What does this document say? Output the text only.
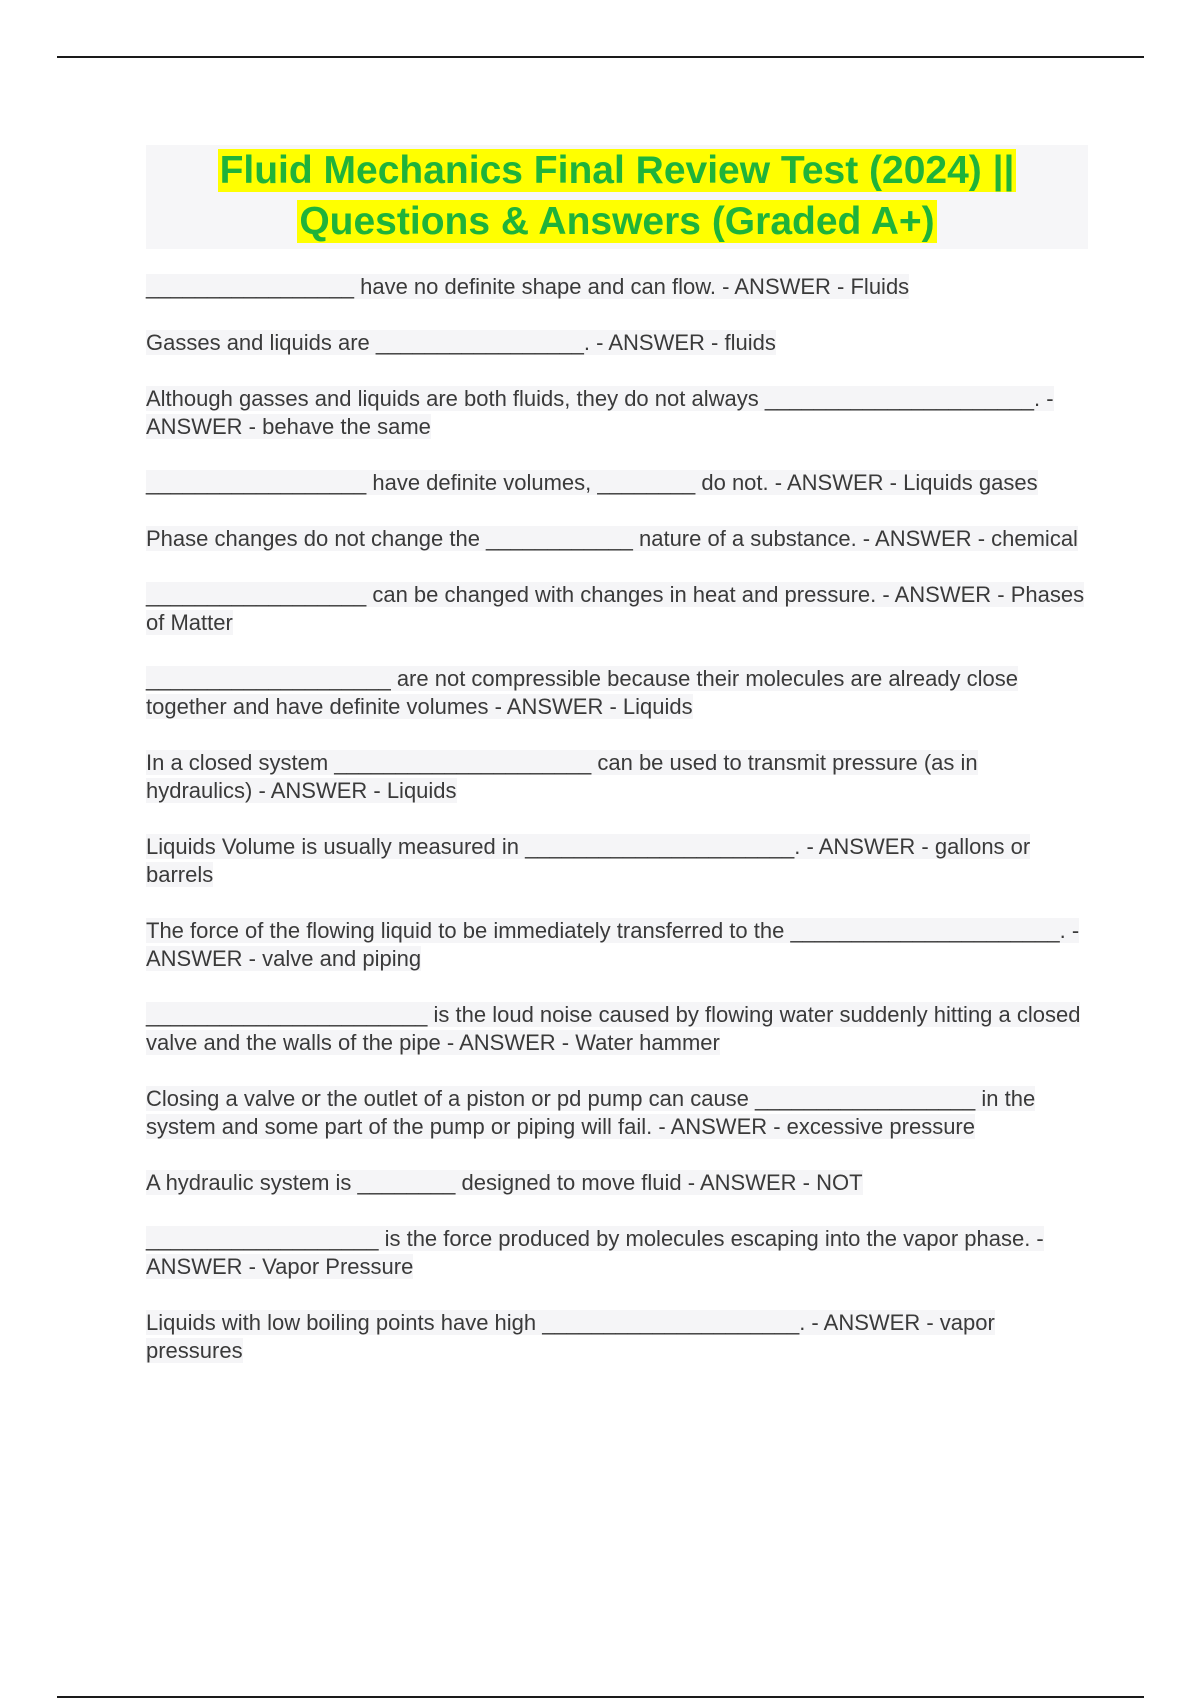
Fluid Mechanics Final Review Test (2024) ||
Questions & Answers (Graded A+)
_________________ have no definite shape and can flow. - ANSWER - Fluids
Gasses and liquids are _________________. - ANSWER - fluids
Although gasses and liquids are both fluids, they do not always ______________________. - ANSWER - behave the same
__________________ have definite volumes, ________ do not. - ANSWER - Liquids gases
Phase changes do not change the ____________ nature of a substance. - ANSWER - chemical
__________________ can be changed with changes in heat and pressure. - ANSWER - Phases of Matter
____________________ are not compressible because their molecules are already close together and have definite volumes - ANSWER - Liquids
In a closed system _____________________ can be used to transmit pressure (as in hydraulics) - ANSWER - Liquids
Liquids Volume is usually measured in ______________________. - ANSWER - gallons or barrels
The force of the flowing liquid to be immediately transferred to the ______________________. - ANSWER - valve and piping
_______________________ is the loud noise caused by flowing water suddenly hitting a closed valve and the walls of the pipe - ANSWER - Water hammer
Closing a valve or the outlet of a piston or pd pump can cause __________________ in the system and some part of the pump or piping will fail. - ANSWER - excessive pressure
A hydraulic system is ________ designed to move fluid - ANSWER - NOT
___________________ is the force produced by molecules escaping into the vapor phase. - ANSWER - Vapor Pressure
Liquids with low boiling points have high _____________________. - ANSWER - vapor pressures
